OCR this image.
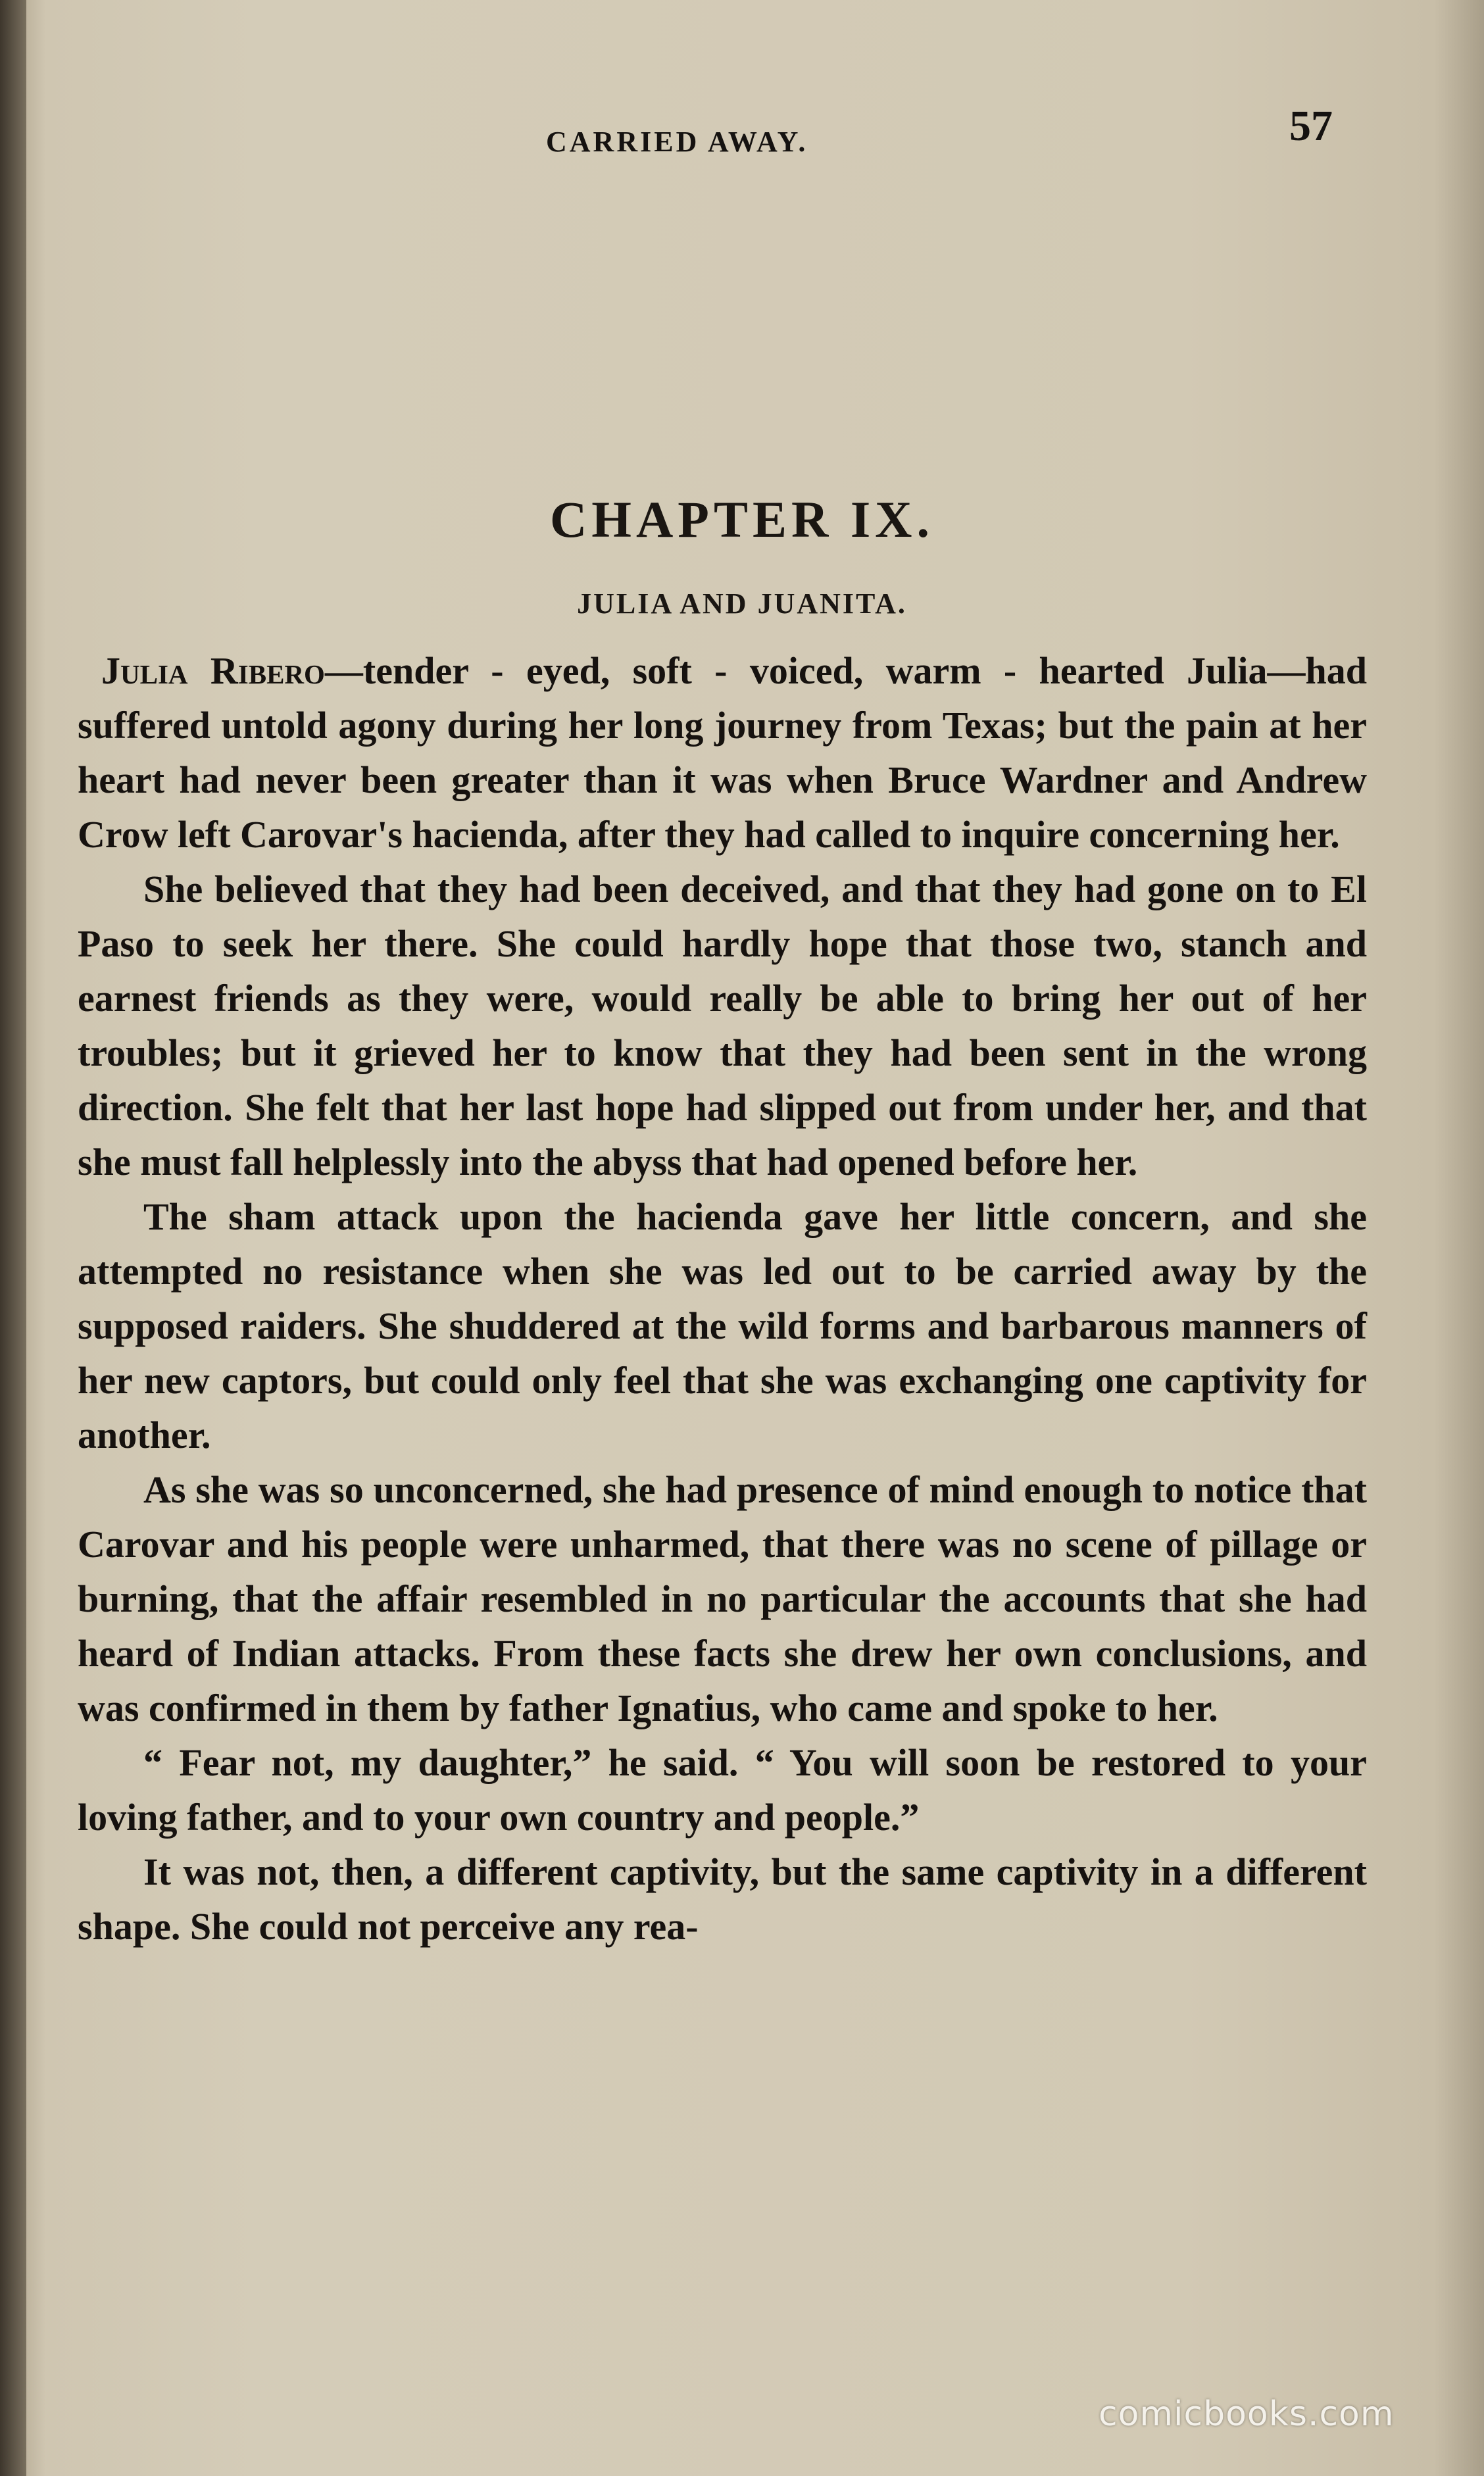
CARRIED AWAY.	57
CHAPTER IX.
JULIA AND JUANITA.

Julia Ribero—tender - eyed, soft - voiced, warm - hearted Julia—had suffered untold agony during her long journey from Texas; but the pain at her heart had never been greater than it was when Bruce Wardner and Andrew Crow left Carovar's hacienda, after they had called to inquire concerning her.

She believed that they had been deceived, and that they had gone on to El Paso to seek her there. She could hardly hope that those two, stanch and earnest friends as they were, would really be able to bring her out of her troubles; but it grieved her to know that they had been sent in the wrong direction. She felt that her last hope had slipped out from under her, and that she must fall helplessly into the abyss that had opened before her.

The sham attack upon the hacienda gave her little concern, and she attempted no resistance when she was led out to be carried away by the supposed raiders. She shuddered at the wild forms and barbarous manners of her new captors, but could only feel that she was exchanging one captivity for another.

As she was so unconcerned, she had presence of mind enough to notice that Carovar and his people were unharmed, that there was no scene of pillage or burning, that the affair resembled in no particular the accounts that she had heard of Indian attacks. From these facts she drew her own conclusions, and was confirmed in them by father Ignatius, who came and spoke to her.

“ Fear not, my daughter,” he said. “ You will soon be restored to your loving father, and to your own country and people.”

It was not, then, a different captivity, but the same captivity in a different shape. She could not perceive any rea-

comicbooks.com
